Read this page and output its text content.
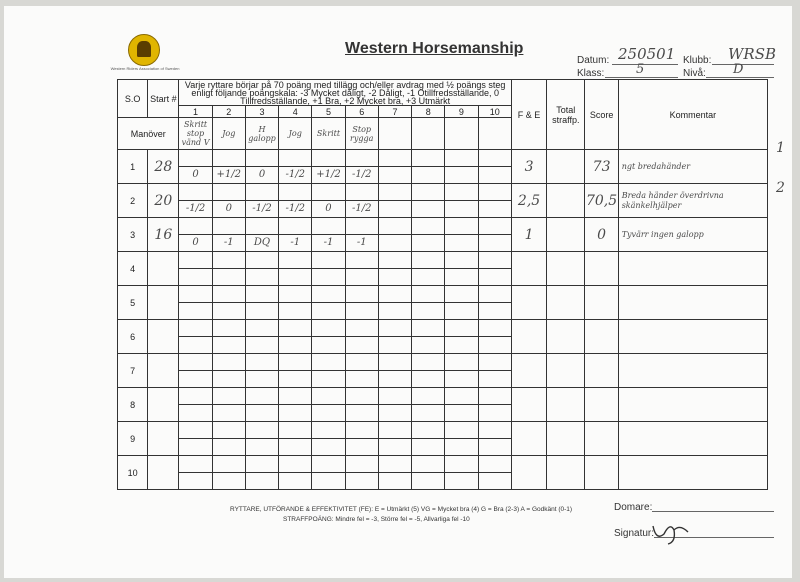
Western Riders Association of Sweden
Western Horsemanship
Datum: 250501 Klubb: WRSB
Klass: 5	Nivå: D
S.O	Start #	Varje ryttare börjar på 70 poäng med tillägg och/eller avdrag med ½ poängs steg enligt följande poängskala: -3 Mycket dåligt, -2 Dåligt, -1 Otillfredsställande, 0 Tillfredsställande, +1 Bra, +2 Mycket bra, +3 Utmärkt										F & E	Total straffp.	Score	Kommentar
		1	2	3	4	5	6	7	8	9	10				
Manöver		Skritt stop vänd V	Jog	H galopp	Jog	Skritt	Stop rygga								
1	28	0	+1/2	0	-1/2	+1/2	-1/2					3		73	ngt bredahänder
2	20	-1/2	0	-1/2	-1/2	0	-1/2					2,5		70,5	Breda händer överdrivna skänkelhjälper
3	16	0	-1	DQ	-1	-1	-1					1		0	Tyvärr ingen galopp
4		

5		

6		

7		

8		

9		

10		

1
2
RYTTARE, UTFÖRANDE & EFFEKTIVITET (FE): E = Utmärkt (5) VG = Mycket bra (4) G = Bra (2-3) A = Godkänt (0-1)
STRAFFPOÄNG: Mindre fel = -3, Större fel = -5, Allvarliga fel -10
Domare:
Signatur:
